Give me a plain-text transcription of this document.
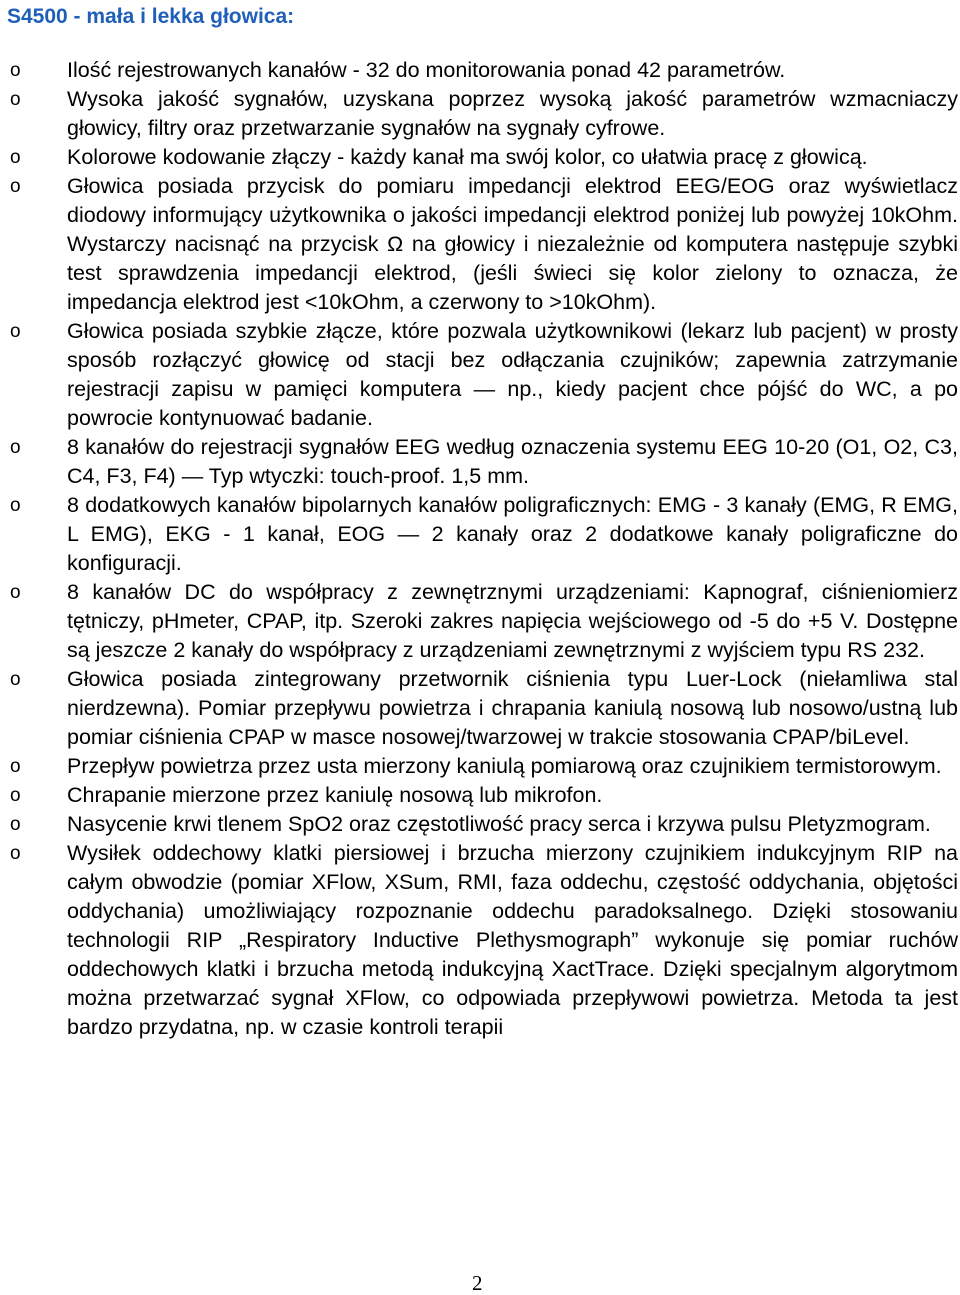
S4500 - mała i lekka głowica:
o Ilość rejestrowanych kanałów - 32 do monitorowania ponad 42 parametrów.
o Wysoka jakość sygnałów, uzyskana poprzez wysoką jakość parametrów wzmacniaczy głowicy, filtry oraz przetwarzanie sygnałów na sygnały cyfrowe.
o Kolorowe kodowanie złączy - każdy kanał ma swój kolor, co ułatwia pracę z głowicą.
o Głowica posiada przycisk do pomiaru impedancji elektrod EEG/EOG oraz wyświetlacz diodowy informujący użytkownika o jakości impedancji elektrod poniżej lub powyżej 10kOhm. Wystarczy nacisnąć na przycisk Ω na głowicy i niezależnie od komputera następuje szybki test sprawdzenia impedancji elektrod, (jeśli świeci się kolor zielony to oznacza, że impedancja elektrod jest <10kOhm, a czerwony to >10kOhm).
o Głowica posiada szybkie złącze, które pozwala użytkownikowi (lekarz lub pacjent) w prosty sposób rozłączyć głowicę od stacji bez odłączania czujników; zapewnia zatrzymanie rejestracji zapisu w pamięci komputera — np., kiedy pacjent chce pójść do WC, a po powrocie kontynuować badanie.
o 8 kanałów do rejestracji sygnałów EEG według oznaczenia systemu EEG 10-20 (O1, O2, C3, C4, F3, F4) — Typ wtyczki: touch-proof. 1,5 mm.
o 8 dodatkowych kanałów bipolarnych kanałów poligraficznych: EMG - 3 kanały (EMG, R EMG, L EMG), EKG - 1 kanał, EOG — 2 kanały oraz 2 dodatkowe kanały poligraficzne do konfiguracji.
o 8 kanałów DC do współpracy z zewnętrznymi urządzeniami: Kapnograf, ciśnieniomierz tętniczy, pHmeter, CPAP, itp. Szeroki zakres napięcia wejściowego od -5 do +5 V. Dostępne są jeszcze 2 kanały do współpracy z urządzeniami zewnętrznymi z wyjściem typu RS 232.
o Głowica posiada zintegrowany przetwornik ciśnienia typu Luer-Lock (niełamliwa stal nierdzewna). Pomiar przepływu powietrza i chrapania kaniulą nosową lub nosowo/ustną lub pomiar ciśnienia CPAP w masce nosowej/twarzowej w trakcie stosowania CPAP/biLevel.
o Przepływ powietrza przez usta mierzony kaniulą pomiarową oraz czujnikiem termistorowym.
o Chrapanie mierzone przez kaniulę nosową lub mikrofon.
o Nasycenie krwi tlenem SpO2 oraz częstotliwość pracy serca i krzywa pulsu Pletyzmogram.
o Wysiłek oddechowy klatki piersiowej i brzucha mierzony czujnikiem indukcyjnym RIP na całym obwodzie (pomiar XFlow, XSum, RMI, faza oddechu, częstość oddychania, objętości oddychania) umożliwiający rozpoznanie oddechu paradoksalnego. Dzięki stosowaniu technologii RIP „Respiratory Inductive Plethysmograph” wykonuje się pomiar ruchów oddechowych klatki i brzucha metodą indukcyjną XactTrace. Dzięki specjalnym algorytmom można przetwarzać sygnał XFlow, co odpowiada przepływowi powietrza. Metoda ta jest bardzo przydatna, np. w czasie kontroli terapii
2
